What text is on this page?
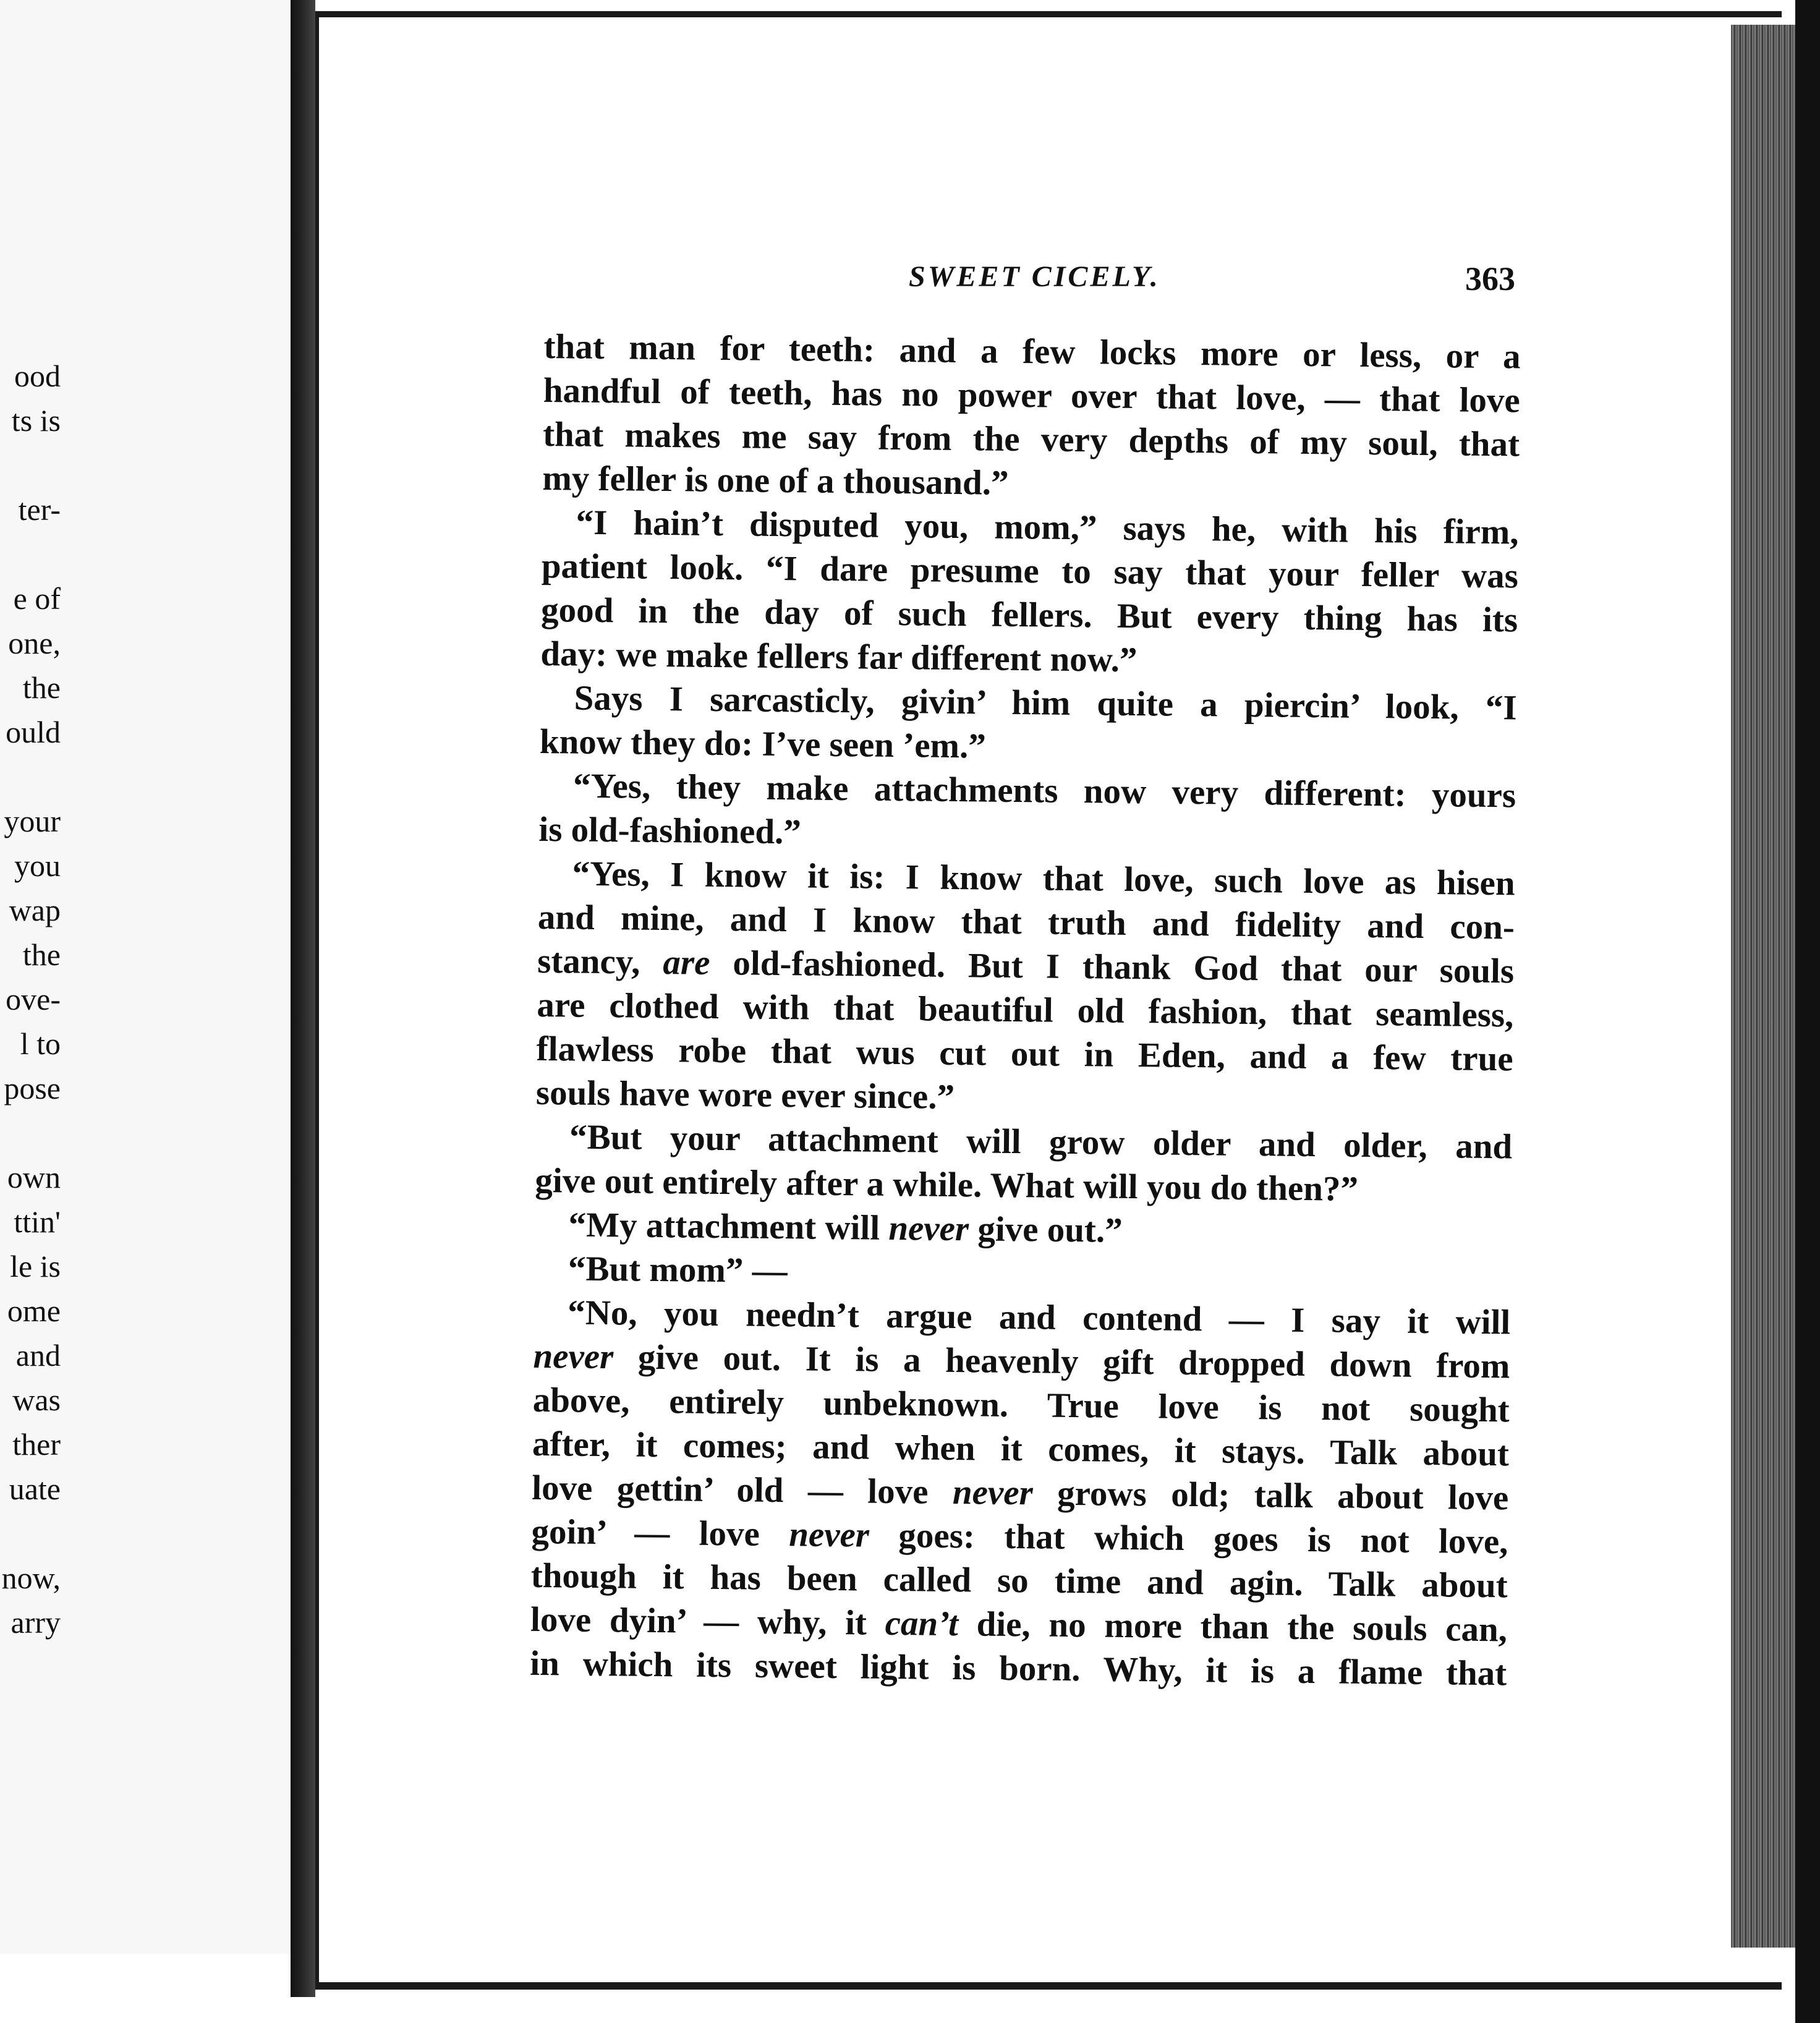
ood
ts is
ter-
e of
one,
the
ould
your
you
wap
the
ove-
l to
pose
own
ttin'
le is
ome
and
was
ther
uate
now,
arry
SWEET CICELY.	363
that man for teeth: and a few locks more or less, or a
handful of teeth, has no power over that love, — that love
that makes me say from the very depths of my soul, that
my feller is one of a thousand.”
“I hain’t disputed you, mom,” says he, with his firm,
patient look. “I dare presume to say that your feller was
good in the day of such fellers. But every thing has its
day: we make fellers far different now.”
Says I sarcasticly, givin’ him quite a piercin’ look, “I
know they do: I’ve seen ’em.”
“Yes, they make attachments now very different: yours
is old-fashioned.”
“Yes, I know it is: I know that love, such love as hisen
and mine, and I know that truth and fidelity and con-
stancy, are old-fashioned. But I thank God that our souls
are clothed with that beautiful old fashion, that seamless,
flawless robe that wus cut out in Eden, and a few true
souls have wore ever since.”
“But your attachment will grow older and older, and
give out entirely after a while. What will you do then?”
“My attachment will never give out.”
“But mom” —
“No, you needn’t argue and contend — I say it will
never give out. It is a heavenly gift dropped down from
above, entirely unbeknown. True love is not sought
after, it comes; and when it comes, it stays. Talk about
love gettin’ old — love never grows old; talk about love
goin’ — love never goes: that which goes is not love,
though it has been called so time and agin. Talk about
love dyin’ — why, it can’t die, no more than the souls can,
in which its sweet light is born. Why, it is a flame that
